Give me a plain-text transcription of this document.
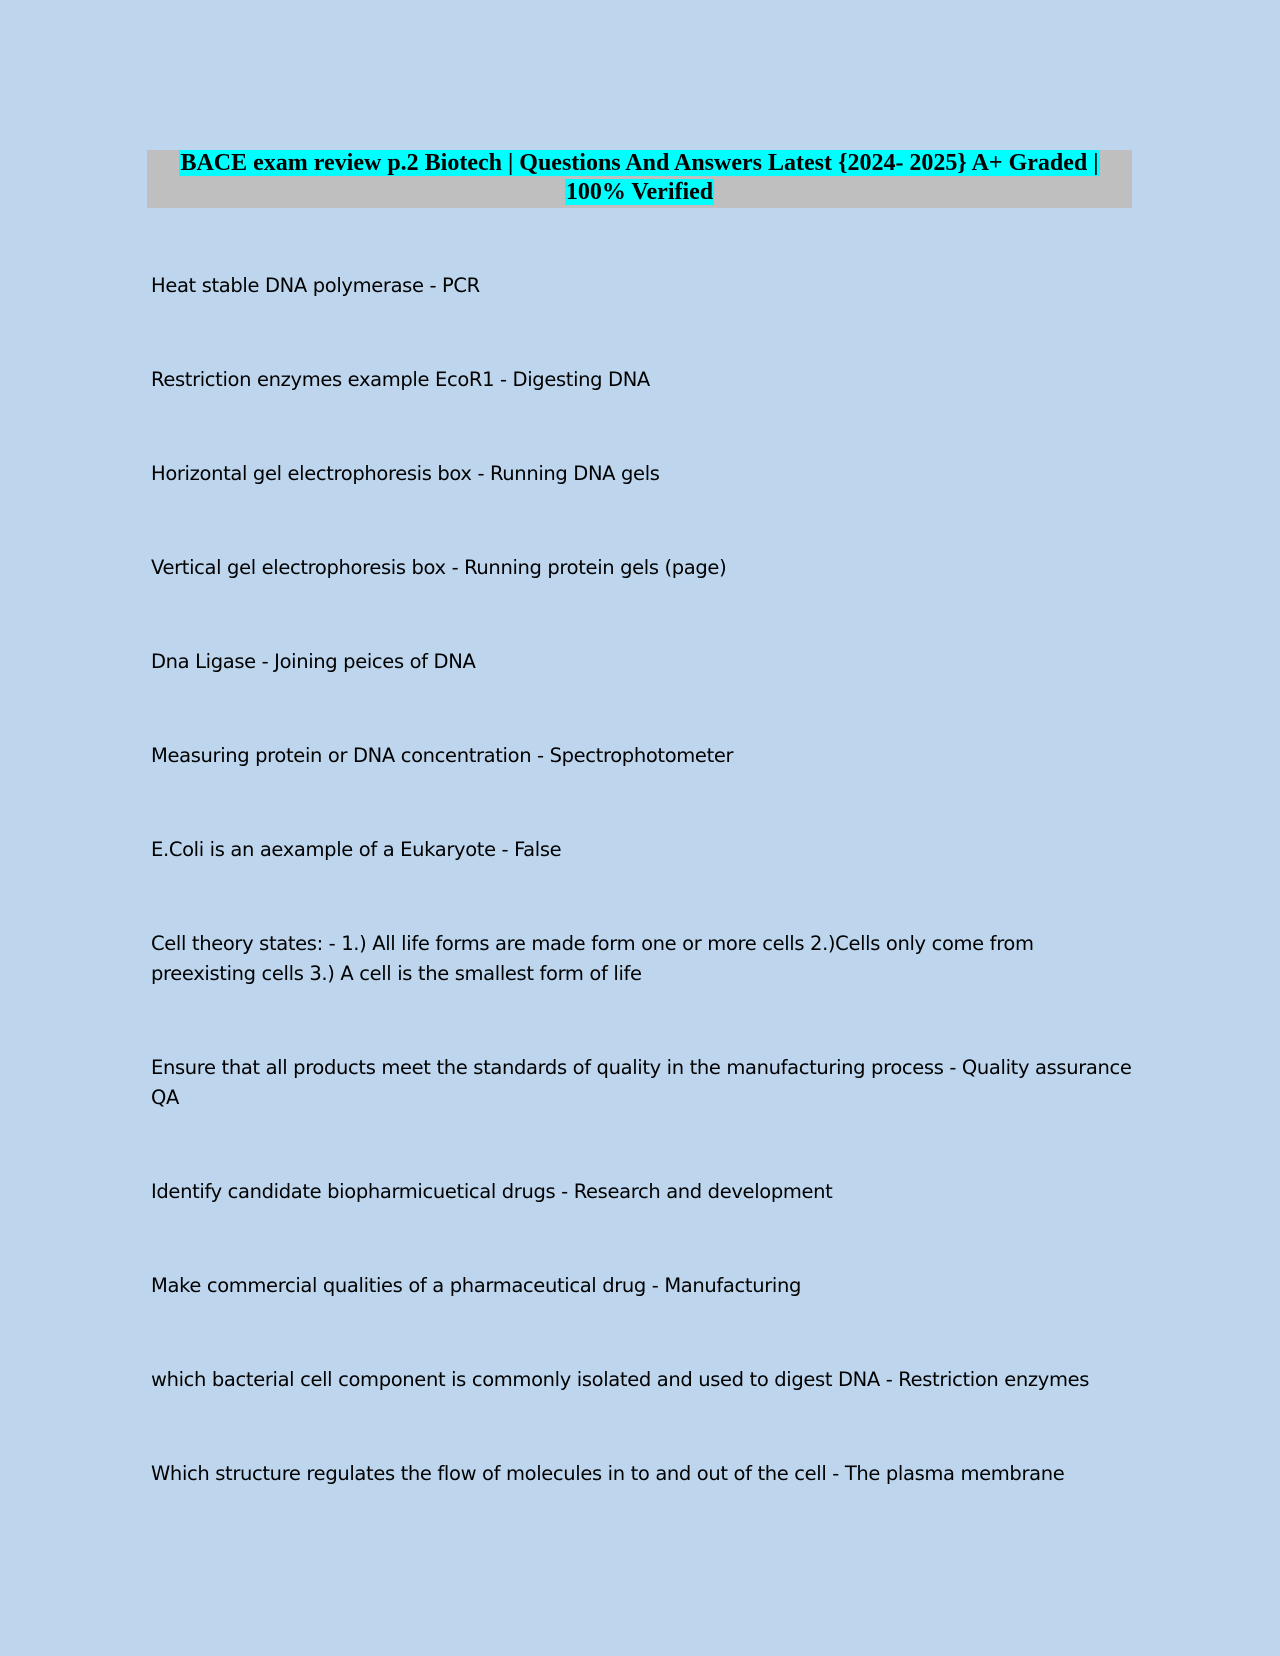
BACE exam review p.2 Biotech | Questions And Answers Latest {2024- 2025} A+ Graded |
100% Verified
Heat stable DNA polymerase - PCR
Restriction enzymes example EcoR1 - Digesting DNA
Horizontal gel electrophoresis box - Running DNA gels
Vertical gel electrophoresis box - Running protein gels (page)
Dna Ligase - Joining peices of DNA
Measuring protein or DNA concentration - Spectrophotometer
E.Coli is an aexample of a Eukaryote - False
Cell theory states: - 1.) All life forms are made form one or more cells 2.)Cells only come from preexisting cells 3.) A cell is the smallest form of life
Ensure that all products meet the standards of quality in the manufacturing process - Quality assurance QA
Identify candidate biopharmicuetical drugs - Research and development
Make commercial qualities of a pharmaceutical drug - Manufacturing
which bacterial cell component is commonly isolated and used to digest DNA - Restriction enzymes
Which structure regulates the flow of molecules in to and out of the cell - The plasma membrane
